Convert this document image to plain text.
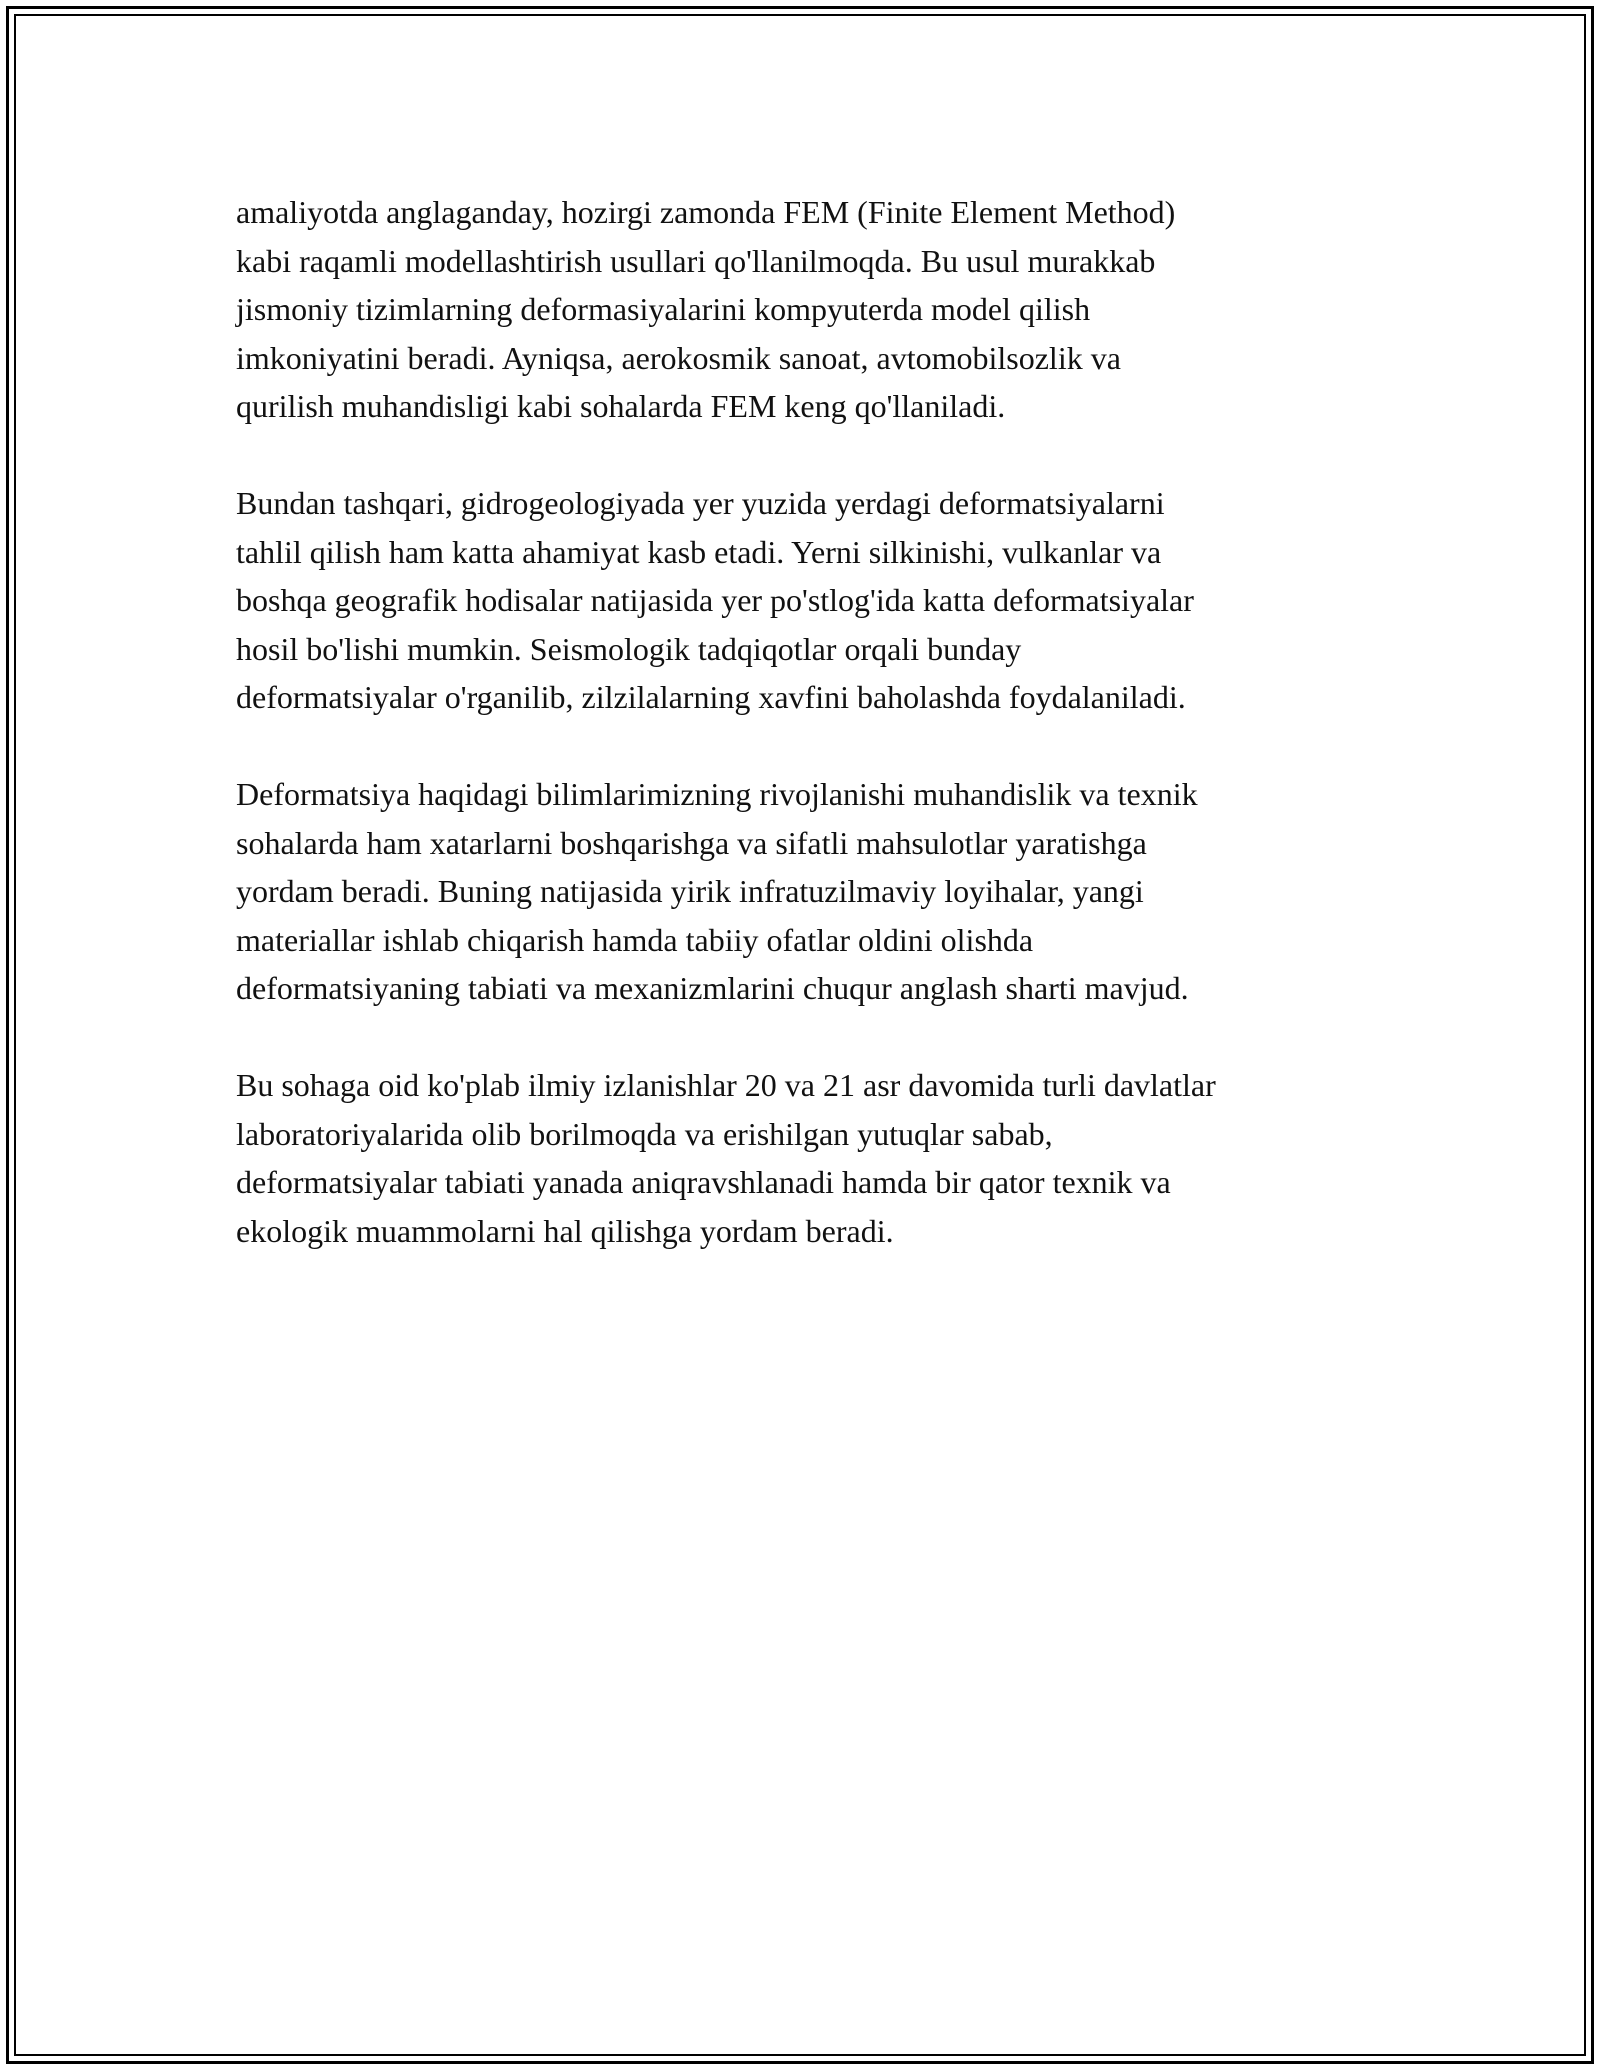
amaliyotda anglaganday, hozirgi zamonda FEM (Finite Element Method)
kabi raqamli modellashtirish usullari qo'llanilmoqda. Bu usul murakkab
jismoniy tizimlarning deformasiyalarini kompyuterda model qilish
imkoniyatini beradi. Ayniqsa, aerokosmik sanoat, avtomobilsozlik va
qurilish muhandisligi kabi sohalarda FEM keng qo'llaniladi.

Bundan tashqari, gidrogeologiyada yer yuzida yerdagi deformatsiyalarni
tahlil qilish ham katta ahamiyat kasb etadi. Yerni silkinishi, vulkanlar va
boshqa geografik hodisalar natijasida yer po'stlog'ida katta deformatsiyalar
hosil bo'lishi mumkin. Seismologik tadqiqotlar orqali bunday
deformatsiyalar o'rganilib, zilzilalarning xavfini baholashda foydalaniladi.

Deformatsiya haqidagi bilimlarimizning rivojlanishi muhandislik va texnik
sohalarda ham xatarlarni boshqarishga va sifatli mahsulotlar yaratishga
yordam beradi. Buning natijasida yirik infratuzilmaviy loyihalar, yangi
materiallar ishlab chiqarish hamda tabiiy ofatlar oldini olishda
deformatsiyaning tabiati va mexanizmlarini chuqur anglash sharti mavjud.

Bu sohaga oid ko'plab ilmiy izlanishlar 20 va 21 asr davomida turli davlatlar
laboratoriyalarida olib borilmoqda va erishilgan yutuqlar sabab,
deformatsiyalar tabiati yanada aniqravshlanadi hamda bir qator texnik va
ekologik muammolarni hal qilishga yordam beradi.
